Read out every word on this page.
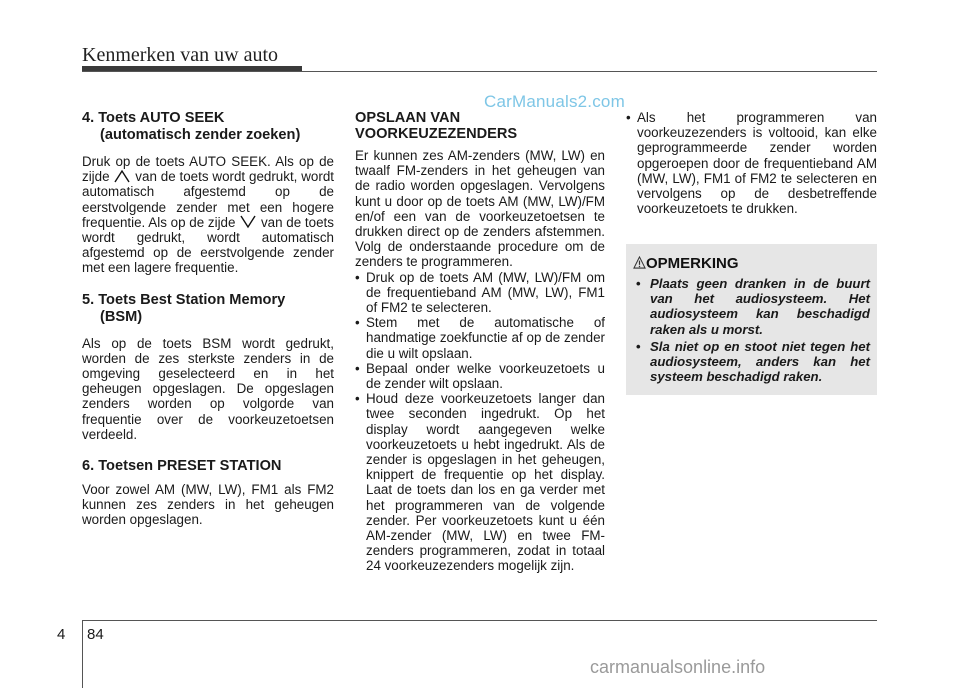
Kenmerken van uw auto
CarManuals2.com

4. Toets AUTO SEEK
(automatisch zender zoeken)

Druk op de toets AUTO SEEK. Als op de zijde van de toets wordt gedrukt, wordt automatisch afgestemd op de eerstvolgende zender met een hogere frequentie. Als op de zijde van de toets wordt gedrukt, wordt automatisch afgestemd op de eerstvolgende zender met een lagere frequentie.

5. Toets Best Station Memory
(BSM)

Als op de toets BSM wordt gedrukt, worden de zes sterkste zenders in de omgeving geselecteerd en in het geheugen opgeslagen. De opgeslagen zenders worden op volgorde van frequentie over de voorkeuzetoetsen verdeeld.

6. Toetsen PRESET STATION

Voor zowel AM (MW, LW), FM1 als FM2 kunnen zes zenders in het geheugen worden opgeslagen.

OPSLAAN VAN VOORKEUZEZENDERS

Er kunnen zes AM-zenders (MW, LW) en twaalf FM-zenders in het geheugen van de radio worden opgeslagen. Vervolgens kunt u door op de toets AM (MW, LW)/FM en/of een van de voorkeuzetoetsen te drukken direct op de zenders afstemmen. Volg de onderstaande procedure om de zenders te programmeren.

• Druk op de toets AM (MW, LW)/FM om de frequentieband AM (MW, LW), FM1 of FM2 te selecteren.
• Stem met de automatische of handmatige zoekfunctie af op de zender die u wilt opslaan.
• Bepaal onder welke voorkeuzetoets u de zender wilt opslaan.
• Houd deze voorkeuzetoets langer dan twee seconden ingedrukt. Op het display wordt aangegeven welke voorkeuzetoets u hebt ingedrukt. Als de zender is opgeslagen in het geheugen, knippert de frequentie op het display. Laat de toets dan los en ga verder met het programmeren van de volgende zender. Per voorkeuzetoets kunt u één AM-zender (MW, LW) en twee FM-zenders programmeren, zodat in totaal 24 voorkeuzezenders mogelijk zijn.
• Als het programmeren van voorkeuzezenders is voltooid, kan elke geprogrammeerde zender worden opgeroepen door de frequentieband AM (MW, LW), FM1 of FM2 te selecteren en vervolgens op de desbetreffende voorkeuzetoets te drukken.
OPMERKING
• Plaats geen dranken in de buurt van het audiosysteem. Het audiosysteem kan beschadigd raken als u morst.
• Sla niet op en stoot niet tegen het audiosysteem, anders kan het systeem beschadigd raken.
4 84
carmanualsonline.info
